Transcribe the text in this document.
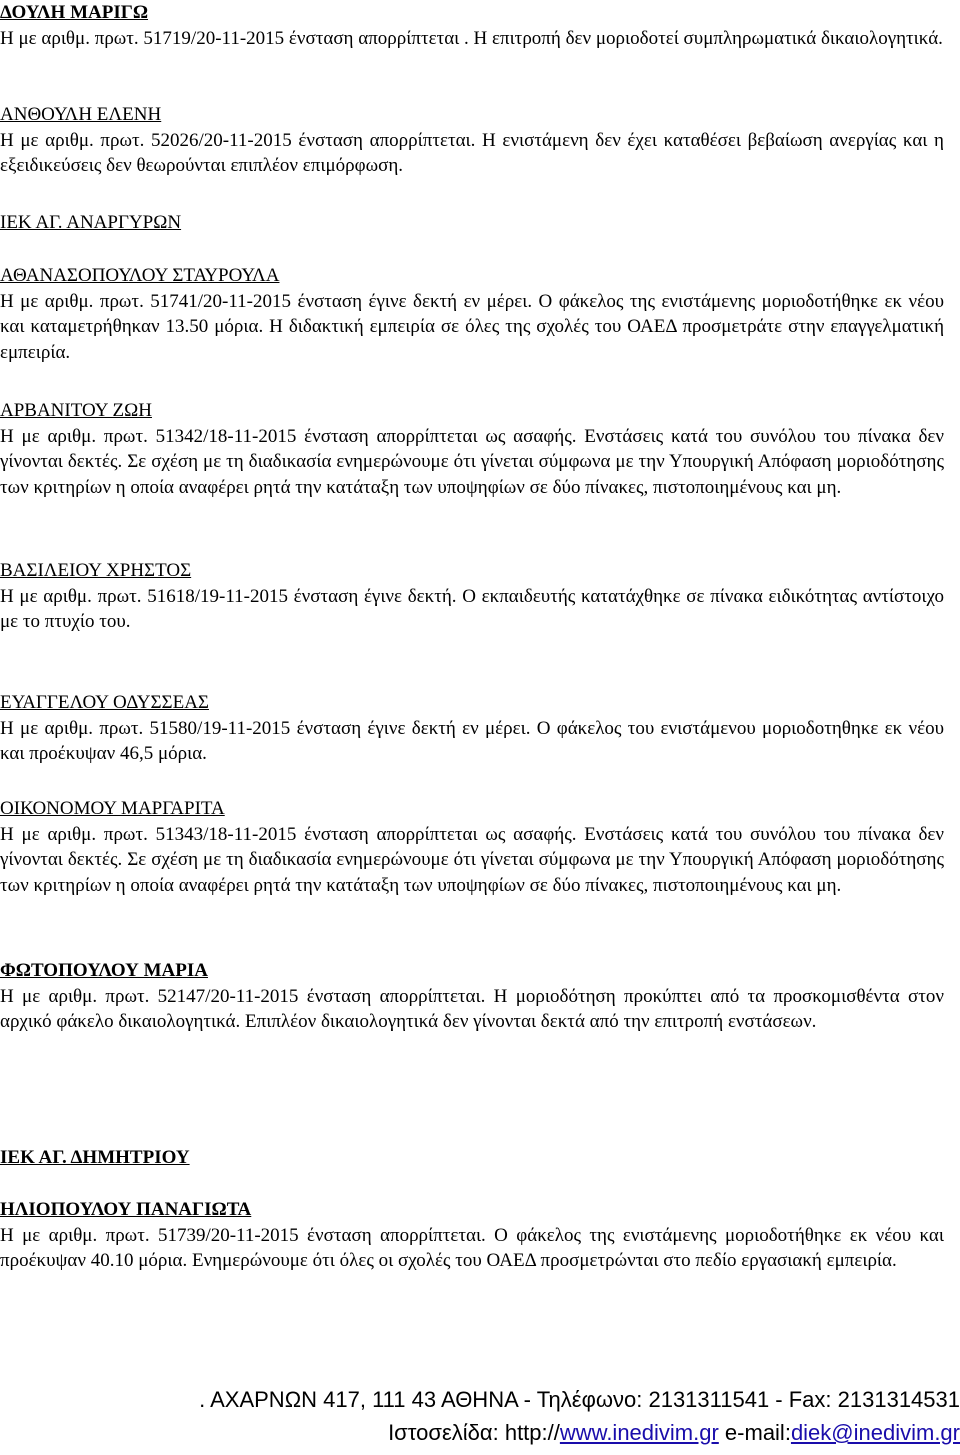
ΔΟΥΛΗ ΜΑΡΙΓΩ
Η με αριθμ. πρωτ. 51719/20-11-2015 ένσταση απορρίπτεται . Η επιτροπή δεν μοριοδοτεί συμπληρωματικά δικαιολογητικά.
ΑΝΘΟΥΛΗ ΕΛΕΝΗ
Η με αριθμ. πρωτ. 52026/20-11-2015 ένσταση απορρίπτεται. Η ενιστάμενη δεν έχει καταθέσει βεβαίωση ανεργίας και η εξειδικεύσεις δεν θεωρούνται επιπλέον επιμόρφωση.
ΙΕΚ ΑΓ. ΑΝΑΡΓΥΡΩΝ
ΑΘΑΝΑΣΟΠΟΥΛΟΥ ΣΤΑΥΡΟΥΛΑ
Η με αριθμ. πρωτ. 51741/20-11-2015 ένσταση έγινε δεκτή εν μέρει. Ο φάκελος της ενιστάμενης μοριοδοτήθηκε εκ νέου και καταμετρήθηκαν 13.50 μόρια. Η διδακτική εμπειρία σε όλες της σχολές του ΟΑΕΔ προσμετράτε στην επαγγελματική εμπειρία.
ΑΡΒΑΝΙΤΟΥ ΖΩΗ
Η με αριθμ. πρωτ. 51342/18-11-2015 ένσταση απορρίπτεται ως ασαφής. Ενστάσεις κατά του συνόλου του πίνακα δεν γίνονται δεκτές. Σε σχέση με τη διαδικασία ενημερώνουμε ότι γίνεται σύμφωνα με την Υπουργική Απόφαση μοριοδότησης των κριτηρίων η οποία αναφέρει ρητά την κατάταξη των υποψηφίων σε δύο πίνακες, πιστοποιημένους και μη.
ΒΑΣΙΛΕΙΟΥ ΧΡΗΣΤΟΣ
Η με αριθμ. πρωτ. 51618/19-11-2015 ένσταση έγινε δεκτή. Ο εκπαιδευτής κατατάχθηκε σε πίνακα ειδικότητας αντίστοιχο με το πτυχίο του.
ΕΥΑΓΓΕΛΟΥ ΟΔΥΣΣΕΑΣ
Η με αριθμ. πρωτ. 51580/19-11-2015 ένσταση έγινε δεκτή εν μέρει. Ο φάκελος του ενιστάμενου μοριοδοτηθηκε εκ νέου και προέκυψαν 46,5 μόρια.
ΟΙΚΟΝΟΜΟΥ ΜΑΡΓΑΡΙΤΑ
Η με αριθμ. πρωτ. 51343/18-11-2015 ένσταση απορρίπτεται ως ασαφής. Ενστάσεις κατά του συνόλου του πίνακα δεν γίνονται δεκτές. Σε σχέση με τη διαδικασία ενημερώνουμε ότι γίνεται σύμφωνα με την Υπουργική Απόφαση μοριοδότησης των κριτηρίων η οποία αναφέρει ρητά την κατάταξη των υποψηφίων σε δύο πίνακες, πιστοποιημένους και μη.
ΦΩΤΟΠΟΥΛΟΥ ΜΑΡΙΑ
Η με αριθμ. πρωτ. 52147/20-11-2015 ένσταση απορρίπτεται. Η μοριοδότηση προκύπτει από τα προσκομισθέντα στον αρχικό φάκελο δικαιολογητικά. Επιπλέον δικαιολογητικά δεν γίνονται δεκτά από την επιτροπή ενστάσεων.
ΙΕΚ ΑΓ. ΔΗΜΗΤΡΙΟΥ
ΗΛΙΟΠΟΥΛΟΥ ΠΑΝΑΓΙΩΤΑ
Η με αριθμ. πρωτ. 51739/20-11-2015 ένσταση απορρίπτεται. Ο φάκελος της ενιστάμενης μοριοδοτήθηκε εκ νέου και προέκυψαν 40.10 μόρια. Ενημερώνουμε ότι όλες οι σχολές του ΟΑΕΔ προσμετρώνται στο πεδίο εργασιακή εμπειρία.
. ΑΧΑΡΝΩΝ 417, 111 43 ΑΘΗΝΑ - Τηλέφωνο: 2131311541 - Fax: 2131314531
Ιστοσελίδα: http://www.inedivim.gr e-mail:diek@inedivim.gr
